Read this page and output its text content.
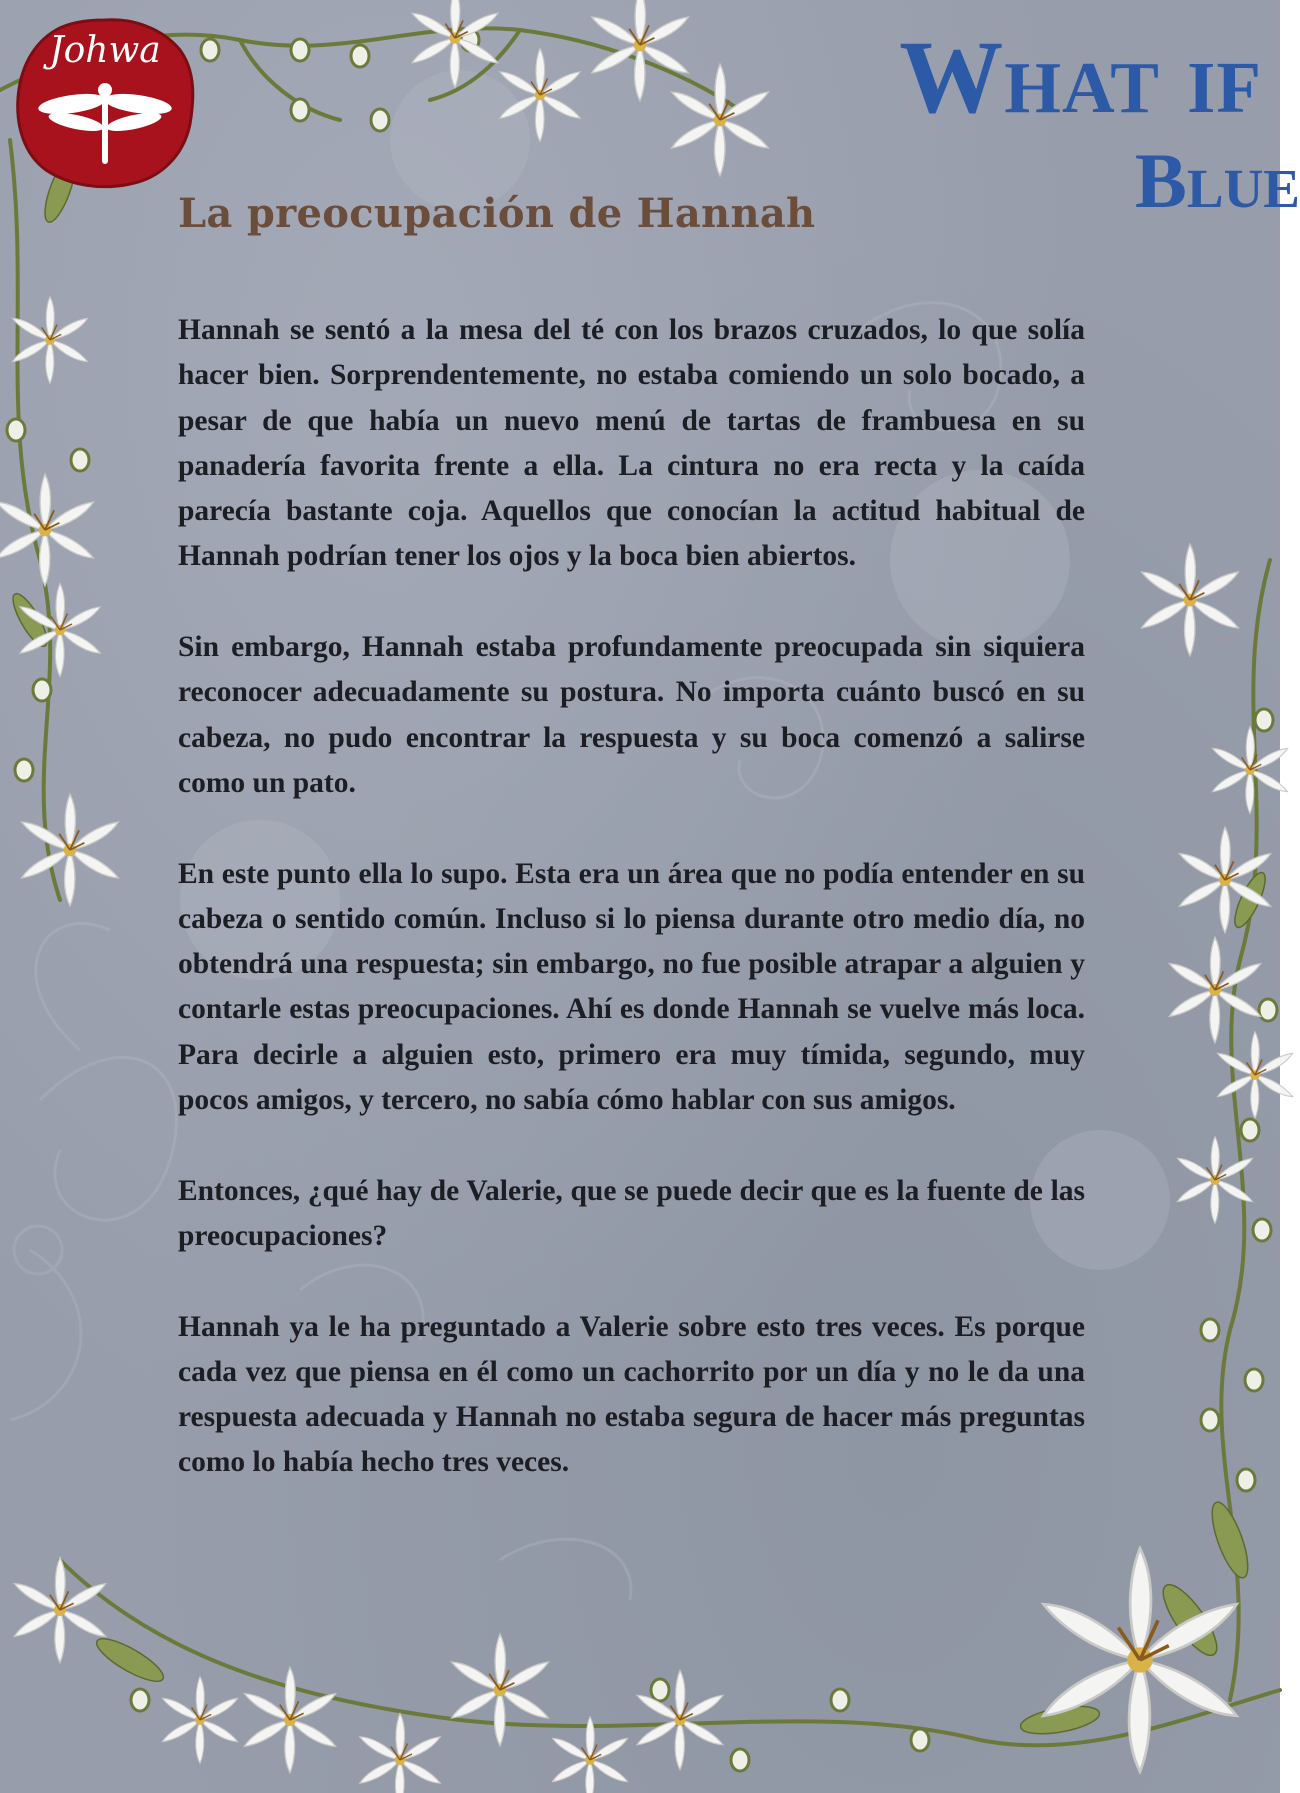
Johwa	What if
Blue
La preocupación de Hannah

Hannah se sentó a la mesa del té con los brazos cruzados, lo que solía hacer bien. Sorprendentemente, no estaba comiendo un solo bocado, a pesar de que había un nuevo menú de tartas de frambuesa en su panadería favorita frente a ella. La cintura no era recta y la caída parecía bastante coja. Aquellos que conocían la actitud habitual de Hannah podrían tener los ojos y la boca bien abiertos.

Sin embargo, Hannah estaba profundamente preocupada sin siquiera reconocer adecuadamente su postura. No importa cuánto buscó en su cabeza, no pudo encontrar la respuesta y su boca comenzó a salirse como un pato.

En este punto ella lo supo. Esta era un área que no podía entender en su cabeza o sentido común. Incluso si lo piensa durante otro medio día, no obtendrá una respuesta; sin embargo, no fue posible atrapar a alguien y contarle estas preocupaciones. Ahí es donde Hannah se vuelve más loca. Para decirle a alguien esto, primero era muy tímida, segundo, muy pocos amigos, y tercero, no sabía cómo hablar con sus amigos.

Entonces, ¿qué hay de Valerie, que se puede decir que es la fuente de las preocupaciones?

Hannah ya le ha preguntado a Valerie sobre esto tres veces. Es porque cada vez que piensa en él como un cachorrito por un día y no le da una respuesta adecuada y Hannah no estaba segura de hacer más preguntas como lo había hecho tres veces.
